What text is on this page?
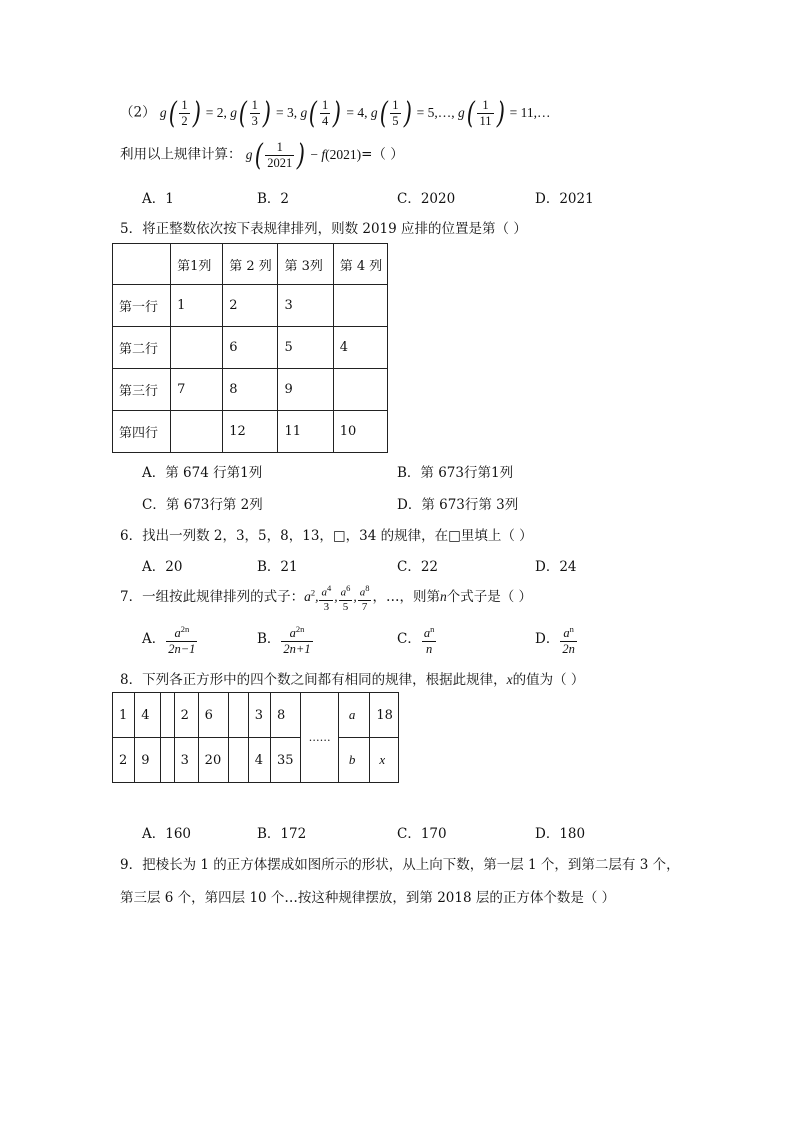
（2） $g( \frac{1}{2}$ ) = 2, $g( \frac{1}{3}$ ) = 3, $g( \frac{1}{4}$ ) = 4, $g( \frac{1}{5}$ ) = 5,…, $g( \frac{1}{11}$ ) = 11,…
利用以上规律计算： $g( \frac{1}{2021}$ ) − f(2021)=（ ）
A．1	B．2	C．2020	D．2021
5．将正整数依次按下表规律排列，则数 2019 应排的位置是第（ ）
	第1列	第 2 列	第 3列	第 4 列
第一行	1	2	3	
第二行		6	5	4
第三行	7	8	9	
第四行		12	11	10
A．第 674 行第1列	B．第 673行第1列
C．第 673行第 2列	D．第 673行第 3列
6．找出一列数 2，3，5，8，13，□，34 的规律，在□里填上（ ）
A．20	B．21	C．22	D．24
7．一组按此规律排列的式子：$a^2$, $\frac{a^4}{3}$ , $\frac{a^6}{5}$ , $\frac{a^8}{7}$ ，…，则第n个式子是（ ）
A． $\frac{a^{2n}}{2n-1}$	B． $\frac{a^{2n}}{2n+1}$	C． $\frac{a^n}{n}$	D． $\frac{a^n}{2n}$
8．下列各正方形中的四个数之间都有相同的规律，根据此规律，x的值为（ ）
1	4		2	6		3	8	……	a	18
2	9		3	20		4	35		b	x
A．160	B．172	C．170	D．180
9．把棱长为 1 的正方体摆成如图所示的形状，从上向下数，第一层 1 个，到第二层有 3 个，
第三层 6 个，第四层 10 个…按这种规律摆放，到第 2018 层的正方体个数是（ ）
